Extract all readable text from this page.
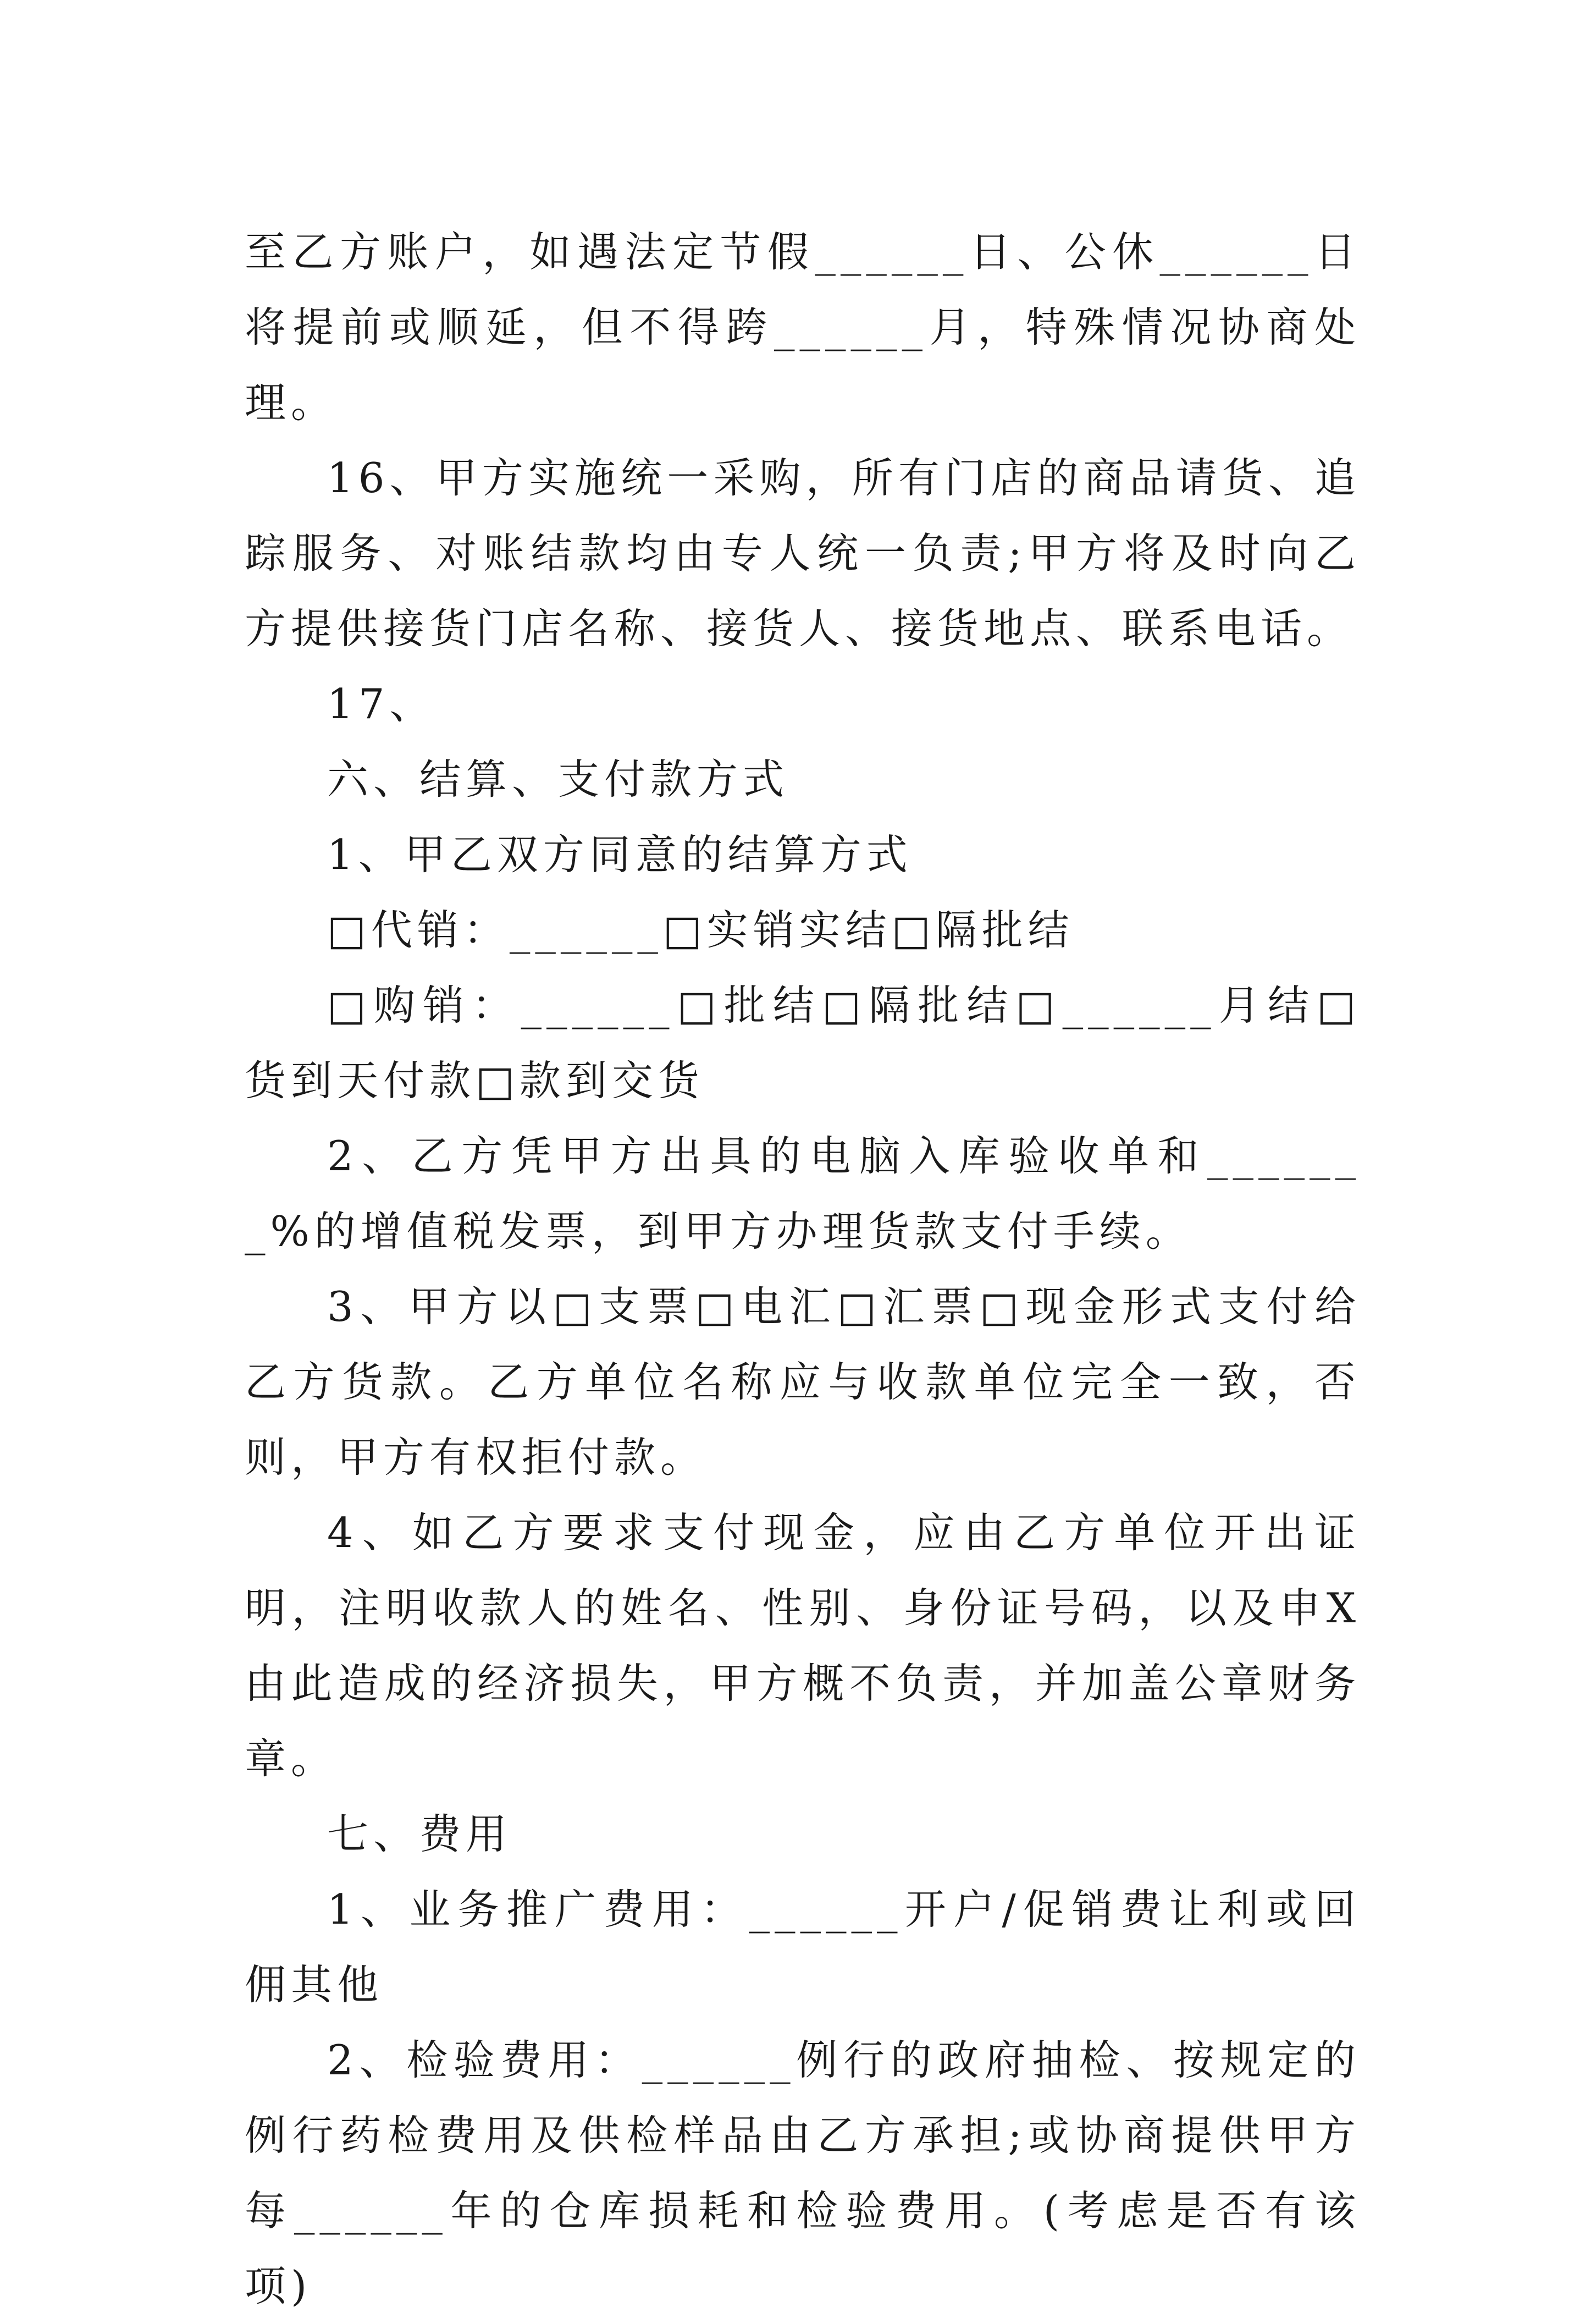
至乙方账户，如遇法定节假______日、公休______日将提前或顺延，但不得跨______月，特殊情况协商处理。

16、甲方实施统一采购，所有门店的商品请货、追踪服务、对账结款均由专人统一负责;甲方将及时向乙方提供接货门店名称、接货人、接货地点、联系电话。

17、

六、结算、支付款方式

1、甲乙双方同意的结算方式

□代销：______□实销实结□隔批结

□购销：______□批结□隔批结□______月结□货到天付款□款到交货

2、乙方凭甲方出具的电脑入库验收单和_______%的增值税发票，到甲方办理货款支付手续。

3、甲方以□支票□电汇□汇票□现金形式支付给乙方货款。乙方单位名称应与收款单位完全一致，否则，甲方有权拒付款。

4、如乙方要求支付现金，应由乙方单位开出证明，注明收款人的姓名、性别、身份证号码，以及申X由此造成的经济损失，甲方概不负责，并加盖公章财务章。

七、费用

1、业务推广费用：______开户/促销费让利或回佣其他

2、检验费用：______例行的政府抽检、按规定的例行药检费用及供检样品由乙方承担;或协商提供甲方每______年的仓库损耗和检验费用。(考虑是否有该项)
